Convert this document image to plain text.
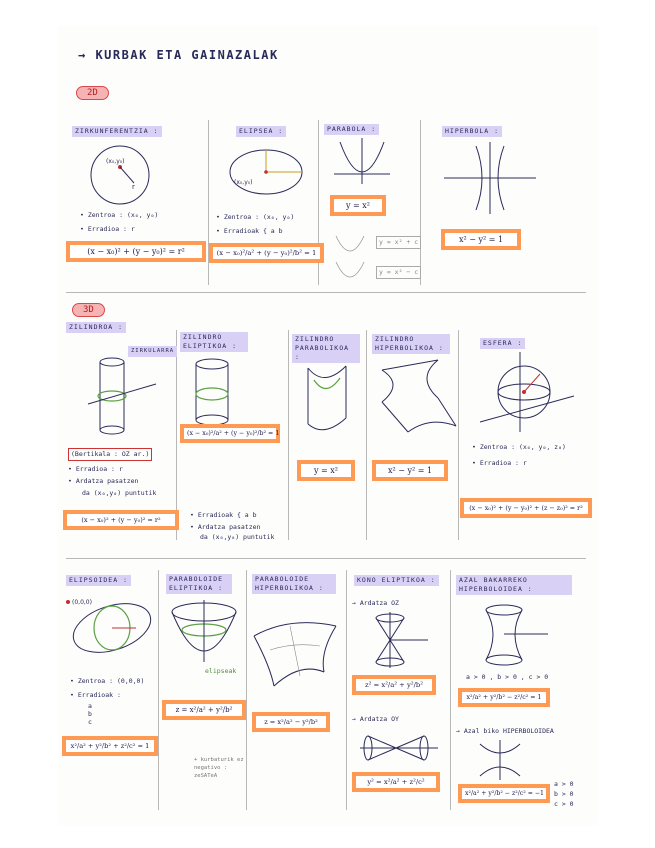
→ KURBAK ETA GAINAZALAK
2D
ZIRKUNFERENTZIA :
(x₀,y₀)
r
• Zentroa : (x₀, y₀)
• Erradioa : r
(x − x₀)² + (y − y₀)² = r²
ELIPSEA :
(x₀,y₀)
• Zentroa : (x₀, y₀)
• Erradioak { a b
(x − x₀)²/a² + (y − y₀)²/b² = 1
PARABOLA :
y = x²
y = x² + c
y = x² − c
HIPERBOLA :
x² − y² = 1
3D
ZILINDROA :
ZIRKULARRA
(Bertikala : OZ ar.)
• Erradioa : r
• Ardatza pasatzen
da (x₀,y₀) puntutik
(x − x₀)² + (y − y₀)² = r²
ZILINDRO ELIPTIKOA :
(x − x₀)²/a² + (y − y₀)²/b² = 1
• Erradioak { a b
• Ardatza pasatzen
da (x₀,y₀) puntutik
ZILINDRO PARABOLIKOA :
y = x²
ZILINDRO HIPERBOLIKOA :
x² − y² = 1
ESFERA :
• Zentroa : (x₀, y₀, z₀)
• Erradioa : r
(x − x₀)² + (y − y₀)² + (z − z₀)² = r²
ELIPSOIDEA :
(0,0,0)
• Zentroa : (0,0,0)
• Erradioak :
a
b
c
x²/a² + y²/b² + z²/c² = 1
PARABOLOIDE ELIPTIKOA :
elipseak
z = x²/a² + y²/b²
+ kurbaturik ez
negativo :
zeSATeA
PARABOLOIDE HIPERBOLIKOA :
z = x²/a² − y²/b²
KONO ELIPTIKOA :
→ Ardatza OZ
z² = x²/a² + y²/b²
→ Ardatza OY
y² = x²/a² + z²/c²
AZAL BAKARREKO HIPERBOLOIDEA :
a > 0 , b > 0 , c > 0
x²/a² + y²/b² − z²/c² = 1
→ Azal biko HIPERBOLOIDEA
x²/a² + y²/b² − z²/c² = −1
a > 0
b > 0
c > 0
